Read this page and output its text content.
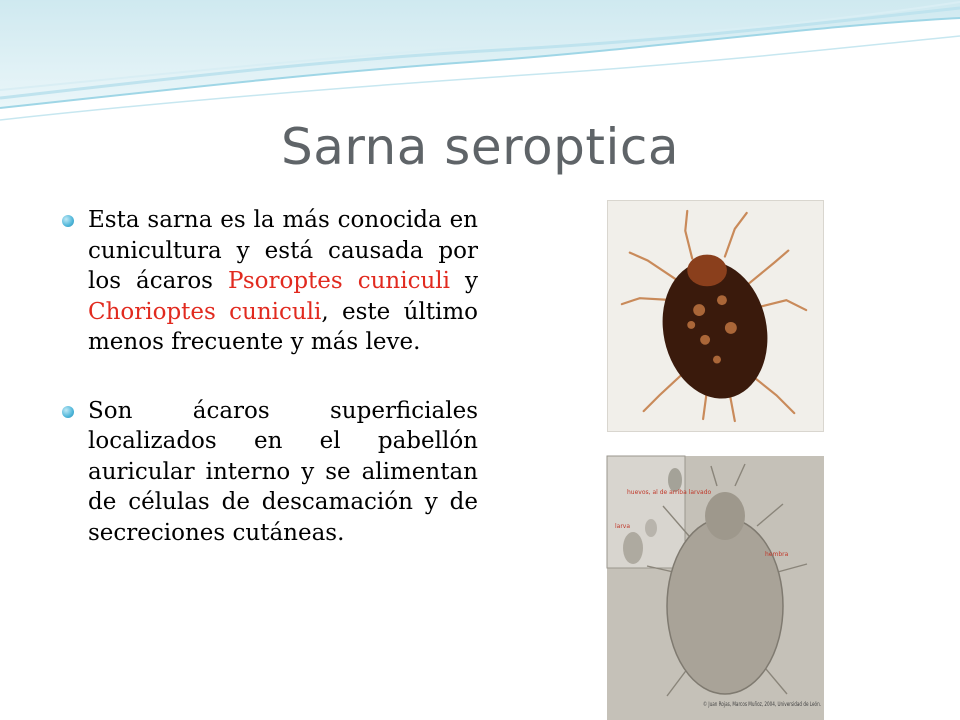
Sarna seroptica
Esta sarna es la más conocida en cunicultura y está causada por los ácaros Psoroptes cuniculi y Chorioptes cuniculi, este último menos frecuente y más leve.
Son ácaros superficiales localizados en el pabellón auricular interno y se alimentan de células de descamación y de secreciones cutáneas.
huevos, al de arriba larvado
larva
hembra
© Juan Rojas, Marcos Muñoz, 2004, Universidad de León.
